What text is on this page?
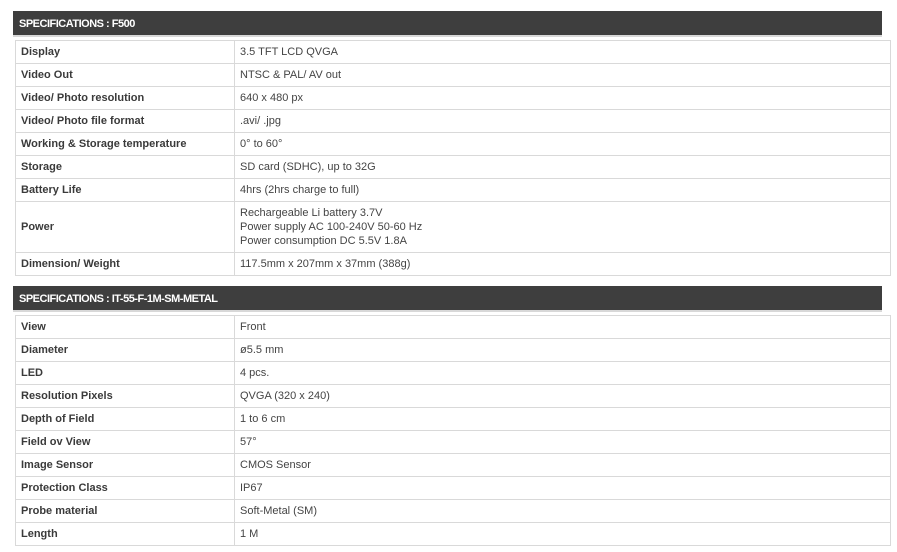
SPECIFICATIONS : F500
Display	3.5 TFT LCD QVGA
Video Out	NTSC & PAL/ AV out
Video/ Photo resolution	640 x 480 px
Video/ Photo file format	.avi/ .jpg
Working & Storage temperature	0° to 60°
Storage	SD card (SDHC), up to 32G
Battery Life	4hrs (2hrs charge to full)
Power	Rechargeable Li battery 3.7V
Power supply AC 100-240V 50-60 Hz
Power consumption DC 5.5V 1.8A

Dimension/ Weight	117.5mm x 207mm x 37mm (388g)
SPECIFICATIONS : IT-55-F-1M-SM-METAL
View	Front
Diameter	ø5.5 mm
LED	4 pcs.
Resolution Pixels	QVGA (320 x 240)
Depth of Field	1 to 6 cm
Field ov View	57°
Image Sensor	CMOS Sensor
Protection Class	IP67
Probe material	Soft-Metal (SM)
Length	1 M
